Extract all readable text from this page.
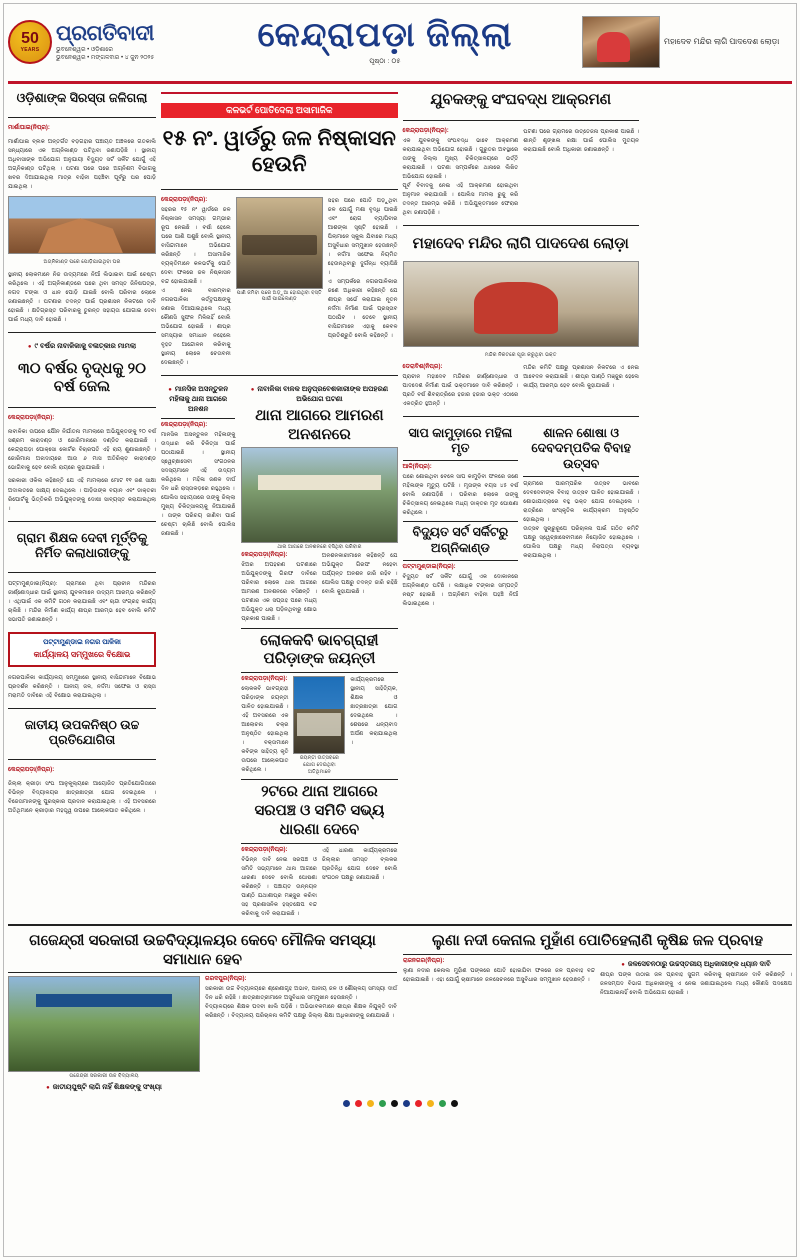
50
YEARS
ପ୍ରଗତିବାଦୀ
ଭୁବନେଶ୍ୱର • ଓଡ଼ିଶାରେ
ଭୁବନେଶ୍ୱର • ମଙ୍ଗଳବାର • ୪ ଜୁନ ୨୦୨୫
କେନ୍ଦ୍ରାପଡ଼ା ଜିଲ୍ଲା
ପୃଷ୍ଠା : ୦୫
ମହାଦେବ ମନ୍ଦିର ଲାଗି ପାଦଦେଶ ଲୋଡ଼ା
ଓଡ଼ିଶାଙ୍କ ସିରସ୍ତା ଜଳିଗଲା
ମାର୍ଶାଘାଇ(ନିପ୍ର):
ମାର୍ଶାଘାଇ ବ୍ଲକ ଅନ୍ତର୍ଗତ ବଡ଼ଗହୀର ପଞ୍ଚାୟତ ଅଞ୍ଚଳରେ ଗତକାଲି ସନ୍ଧ୍ୟାରେ ଏକ ଅଗ୍ନିକାଣ୍ଡ ଘଟିଥିବା ଜଣାପଡ଼ିଛି । ସ୍ଥାନୀୟ ଅଧିବାସୀଙ୍କ ଅଭିଯୋଗ ଅନୁଯାୟୀ ବିଦ୍ୟୁତ ସର୍ଟ ସର୍କିଟ ଯୋଗୁଁ ଏହି ଅଗ୍ନିକାଣ୍ଡ ଘଟିଥିଲା । ଘଟଣା ପରେ ପରେ ଅଗ୍ନିଶମ ବିଭାଗକୁ ଖବର ଦିଆଯାଇଥିଲା ମାତ୍ର ବାହିନୀ ପହଞ୍ଚିବା ପୂର୍ବରୁ ଘର ପୋଡ଼ି ଯାଇଥିଲା ।
ଅଗ୍ନିକାଣ୍ଡ ପରେ ପୋଡ଼ିଯାଇଥିବା ଘର
ସ୍ଥାନୀୟ ଲୋକମାନେ ନିଜ ଉଦ୍ୟମରେ ନିଆଁ ଲିଭାଇବା ପାଇଁ ଚେଷ୍ଟା କରିଥିଲେ । ଏହି ଅଗ୍ନିକାଣ୍ଡରେ ଘରେ ଥିବା ସମସ୍ତ ଜିନିଷପତ୍ର, ନଗଦ ଟଙ୍କା ଓ ଧାନ ପୋଡ଼ି ଯାଇଛି ବୋଲି ପରିବାର ଲୋକେ ଜଣାଇଛନ୍ତି । ଘଟଣାର ତଦନ୍ତ ପାଇଁ ପ୍ରଶାସନ ନିକଟରେ ଦାବି ହୋଇଛି । କ୍ଷତିଗ୍ରସ୍ତ ପରିବାରକୁ ତୁରନ୍ତ ସହାୟତା ଯୋଗାଇ ଦେବା ପାଇଁ ମଧ୍ୟ ଦାବି ହୋଇଛି ।
● ୯ ବର୍ଷର ନାବାଳିକାକୁ ବଳାତ୍କାର ମାମଲା
୩୦ ବର୍ଷର ବୃଦ୍ଧକୁ ୨୦ ବର୍ଷ ଜେଲ
କେନ୍ଦ୍ରାପଡ଼ା(ନିପ୍ର):
ନାବାଳିକା ଉପରେ ଯୌନ ନିର୍ଯାତନା ମାମଲାରେ ଅଭିଯୁକ୍ତଙ୍କୁ ୨୦ ବର୍ଷ ସଶ୍ରମ କାରାଦଣ୍ଡ ଓ ଜୋରିମାନାରେ ଦଣ୍ଡିତ କରାଯାଇଛି । କେନ୍ଦ୍ରାପଡ଼ା ପୋକ୍ସୋ କୋର୍ଟର ବିଚାରପତି ଏହି ରାୟ ଶୁଣାଇଛନ୍ତି । ଜୋରିମାନା ଅନାଦାୟରେ ଆଉ ୬ ମାସ ଅତିରିକ୍ତ କାରାଦଣ୍ଡ ଭୋଗିବାକୁ ହେବ ବୋଲି ରାୟରେ କୁହାଯାଇଛି ।
ସରକାରୀ ଓକିଲ କହିଛନ୍ତି ଯେ ଏହି ମାମଲାରେ ମୋଟ ୧୧ ଜଣ ସାକ୍ଷୀ ଅଦାଲତରେ ସାକ୍ଷ୍ୟ ଦେଇଥିଲେ । ପୀଡ଼ିତାଙ୍କ ବୟାନ ଏବଂ ଡାକ୍ତରୀ ରିପୋର୍ଟକୁ ଭିତ୍ତିକରି ଅଭିଯୁକ୍ତଙ୍କୁ ଦୋଷୀ ସାବ୍ୟସ୍ତ କରାଯାଇଥିଲା ।
ଗ୍ରାମ ଶିକ୍ଷକ ଦେବୀ ମୂର୍ତ୍ତିକୁ ନିର୍ମିତ କଲାଧାରୀଙ୍କୁ
ପଟ୍ଟାମୁଣ୍ଡାଇ(ନିପ୍ର): ଗ୍ରାମରେ ଥିବା ପ୍ରାଚୀନ ମନ୍ଦିରର ଜୀର୍ଣ୍ଣୋଦ୍ଧାର ପାଇଁ ସ୍ଥାନୀୟ ଯୁବକମାନେ ଉଦ୍ୟମ ଆରମ୍ଭ କରିଛନ୍ତି । ଏଥିପାଇଁ ଏକ କମିଟି ଗଠନ କରାଯାଇଛି ଏବଂ ଚାନ୍ଦା ସଂଗ୍ରହ କାର୍ଯ୍ୟ ଚାଲିଛି । ମନ୍ଦିର ନିର୍ମାଣ କାର୍ଯ୍ୟ ଶୀଘ୍ର ଆରମ୍ଭ ହେବ ବୋଲି କମିଟି ସଭାପତି ଜଣାଇଛନ୍ତି ।
ପଟ୍ଟାମୁଣ୍ଡାଇ ନଗର ପାଳିକା
କାର୍ଯ୍ୟାଳୟ ସମ୍ମୁଖରେ ବିକ୍ଷୋଭ
ନଗରପାଳିକା କାର୍ଯ୍ୟାଳୟ ସମ୍ମୁଖରେ ସ୍ଥାନୀୟ ବାସିନ୍ଦାମାନେ ବିକ୍ଷୋଭ ପ୍ରଦର୍ଶନ କରିଛନ୍ତି । ପାନୀୟ ଜଳ, ନର୍ଦ୍ଦମା ସଫେଇ ଓ ରାସ୍ତା ମରାମତି ଦାବିରେ ଏହି ବିକ୍ଷୋଭ କରାଯାଇଥିଲା ।
ଜାତୀୟ ଉପକନିଷ୍ଠ ଉଚ୍ଚ ପ୍ରତିଯୋଗିତା
କେନ୍ଦ୍ରାପଡ଼ା(ନିପ୍ର):
ଜିଲ୍ଲା କ୍ରୀଡ଼ା ସଂଘ ଆନୁକୂଲ୍ୟରେ ଆୟୋଜିତ ପ୍ରତିଯୋଗିତାରେ ବିଭିନ୍ନ ବିଦ୍ୟାଳୟର ଛାତ୍ରଛାତ୍ରୀ ଯୋଗ ଦେଇଥିଲେ । ବିଜେତାମାନଙ୍କୁ ପୁରସ୍କାର ପ୍ରଦାନ କରାଯାଇଥିଲା । ଏହି ଅବସରରେ ଅତିଥିମାନେ କ୍ରୀଡ଼ାର ମହତ୍ତ୍ୱ ଉପରେ ଆଲୋକପାତ କରିଥିଲେ ।
କଳଭର୍ଟ ପୋତିଦେଲା ଅସାମାଜିକ
୧୫ ନଂ. ୱାର୍ଡରୁ ଜଳ ନିଷ୍କାସନ ହେଉନି
କେନ୍ଦ୍ରାପଡ଼ା(ନିପ୍ର):
ସହରର ୧୫ ନଂ ୱାର୍ଡରେ ଜଳ ନିଷ୍କାସନ ସମସ୍ୟା ଗମ୍ଭୀର ରୂପ ନେଇଛି । ବର୍ଷା ହେଲେ ଘରେ ପାଣି ପଶୁଛି ବୋଲି ସ୍ଥାନୀୟ ବାସିନ୍ଦାମାନେ ଅଭିଯୋଗ କରିଛନ୍ତି । ଅସାମାଜିକ ବ୍ୟକ୍ତିମାନେ କଳଭର୍ଟକୁ ପୋତି ଦେବା ଫଳରେ ଜଳ ନିଷ୍କାସନ ବନ୍ଦ ହୋଇଯାଇଛି ।
ଏ ନେଇ ବାରମ୍ବାର ନଗରପାଳିକା କର୍ତ୍ତୃପକ୍ଷଙ୍କୁ ଜଣାଇ ଦିଆଯାଇଥିଲେ ମଧ୍ୟ କୌଣସି ସୁଫଳ ମିଳିନାହିଁ ବୋଲି ଅଭିଯୋଗ ହୋଇଛି । ଶୀଘ୍ର ସମସ୍ୟାର ସମାଧାନ ନହେଲେ ବୃହତ ଆନ୍ଦୋଳନ କରିବାକୁ ସ୍ଥାନୀୟ ଲୋକେ ଚେତାବନୀ ଦେଇଛନ୍ତି ।
ପାଣି ଜମିବା ପରେ ଅଡ଼ୁଆ ହୋଇଥିବା ବସ୍ତି ପାଇଁ ପାଇଲେଣ୍ଡ
ସହର ପରେ ପୋତି ପଡ଼ୁଥିବା ଜଳ ଯୋଗୁଁ ମଶା ବୃଦ୍ଧି ପାଇଛି ଏବଂ ରୋଗ ବ୍ୟାପିବାର ଆଶଙ୍କା ସୃଷ୍ଟି ହୋଇଛି । ପିଲାମାନେ ସ୍କୁଲ ଯିବାରେ ମଧ୍ୟ ଅସୁବିଧାର ସମ୍ମୁଖୀନ ହେଉଛନ୍ତି । ନର୍ଦ୍ଦମା ସଫେଇ ନିୟମିତ ହେଉନଥିବାରୁ ଦୁର୍ଗନ୍ଧ ବ୍ୟାପିଛି ।
ଏ ସମ୍ପର୍କରେ ନଗରପାଳିକାର ଜଣେ ଅଧିକାରୀ କହିଛନ୍ତି ଯେ ଶୀଘ୍ର ସର୍ଭେ କରାଯାଇ ନୂତନ ନର୍ଦ୍ଦମା ନିର୍ମାଣ ପାଇଁ ପ୍ରସ୍ତାବ ପଠାଯିବ । ତେବେ ସ୍ଥାନୀୟ ବାସିନ୍ଦାମାନେ ଏହାକୁ କେବଳ ପ୍ରତିଶ୍ରୁତି ବୋଲି କହିଛନ୍ତି ।
● ମାନସିକ ଅସନ୍ତୁଳନ ମହିଳାକୁ ଥାନା ଆଗରେ ଅନଶନ
କେନ୍ଦ୍ରାପଡ଼ା(ନିପ୍ର):
ମାନସିକ ଅସନ୍ତୁଳନ ମହିଳାଙ୍କୁ ଉଦ୍ଧାର କରି ଚିକିତ୍ସା ପାଇଁ ପଠାଯାଇଛି । ସ୍ଥାନୀୟ ସ୍ୱେଚ୍ଛାସେବୀ ସଂଗଠନର ସଦସ୍ୟମାନେ ଏହି ଉଦ୍ୟମ କରିଥିଲେ । ମହିଳା ଜଣକ ଦୀର୍ଘ ଦିନ ଧରି ରାସ୍ତାକଡ଼ରେ ରହୁଥିଲେ ।
ପୋଲିସ ସହାୟତାରେ ତାଙ୍କୁ ଜିଲ୍ଲା ମୁଖ୍ୟ ଚିକିତ୍ସାଳୟକୁ ନିଆଯାଇଛି । ତାଙ୍କ ପରିଚୟ ଜାଣିବା ପାଇଁ ଚେଷ୍ଟା ଚାଲିଛି ବୋଲି ପୋଲିସ ଜଣାଇଛି ।
● ନାବାଳିକା ବାଳକ ଅନୁପ୍ରବେଶକାରୀଙ୍କ ଅପହରଣ ଅଭିଯୋଗ ଘଟଣା
ଥାନା ଆଗରେ ଆମରଣ ଅନଶନରେ
ଥାନା ଆଗରେ ଅନଶନରେ ବସିଥିବା ପରିବାର
କେନ୍ଦ୍ରାପଡ଼ା(ନିପ୍ର):
ଝିଅର ଅପହରଣ ଘଟଣାରେ ଅଭିଯୁକ୍ତଙ୍କୁ ଗିରଫ ଦାବିରେ ପରିବାର ଲୋକେ ଥାନା ଆଗରେ ଆମରଣ ଅନଶନରେ ବସିଛନ୍ତି । ଘଟଣାର ଏକ ସପ୍ତାହ ପରେ ମଧ୍ୟ ଅଭିଯୁକ୍ତ ଧରା ପଡ଼ିନଥିବାରୁ କ୍ଷୋଭ ପ୍ରକାଶ ପାଇଛି ।
ଅନଶନକାରୀମାନେ କହିଛନ୍ତି ଯେ ଅଭିଯୁକ୍ତ ଗିରଫ ନହେବା ପର୍ଯ୍ୟନ୍ତ ଅନଶନ ଜାରି ରହିବ । ପୋଲିସ ପକ୍ଷରୁ ତଦନ୍ତ ଜାରି ରହିଛି ବୋଲି କୁହାଯାଇଛି ।
ଲୋକକବି ଭାବଗ୍ରାହୀ ପରିଡ଼ାଙ୍କ ଜୟନ୍ତୀ
କେନ୍ଦ୍ରାପଡ଼ା(ନିପ୍ର):
ଲୋକକବି ଭାବଗ୍ରାହୀ ପରିଡ଼ାଙ୍କ ଜୟନ୍ତୀ ପାଳିତ ହୋଇଯାଇଛି । ଏହି ଅବସରରେ ଏକ ଆଲୋଚନା ଚକ୍ର ଅନୁଷ୍ଠିତ ହୋଇଥିଲା । ବକ୍ତାମାନେ କବିଙ୍କ ସାହିତ୍ୟ କୃତି ଉପରେ ଆଲୋକପାତ କରିଥିଲେ ।
ଜୟନ୍ତୀ ଉତ୍ସବରେ ଯୋଗ ଦେଇଥିବା ଅତିଥିମାନେ
କାର୍ଯ୍ୟକ୍ରମରେ ସ୍ଥାନୀୟ ସାହିତ୍ୟିକ, ଶିକ୍ଷକ ଓ ଛାତ୍ରଛାତ୍ରୀ ଯୋଗ ଦେଇଥିଲେ । ଶେଷରେ ଧନ୍ୟବାଦ ଅର୍ପଣ କରାଯାଇଥିଲା ।
୨ଟରେ ଥାନା ଆଗରେ ସରପଞ୍ଚ ଓ ସମିତି ସଭ୍ୟ ଧାରଣା ଦେବେ
କେନ୍ଦ୍ରାପଡ଼ା(ନିପ୍ର):
ବିଭିନ୍ନ ଦାବି ନେଇ ସରପଞ୍ଚ ଓ ସମିତି ସଭ୍ୟମାନେ ଥାନା ଆଗରେ ଧାରଣା ଦେବେ ବୋଲି ଘୋଷଣା କରିଛନ୍ତି । ପଞ୍ଚାୟତ ଉନ୍ନୟନ ପାଣ୍ଠି ଯଥାଶୀଘ୍ର ମଞ୍ଜୁର କରିବା ସହ ପ୍ରଶାସନିକ ହସ୍ତକ୍ଷେପ ବନ୍ଦ କରିବାକୁ ଦାବି କରାଯାଇଛି ।
ଏହି ଧାରଣା କାର୍ଯ୍ୟକ୍ରମରେ ଜିଲ୍ଲାର ସମସ୍ତ ବ୍ଲକର ପ୍ରତିନିଧି ଯୋଗ ଦେବେ ବୋଲି ସଂଗଠନ ପକ୍ଷରୁ ଜଣାଯାଇଛି ।
ଯୁବକଙ୍କୁ ସଂଘବଦ୍ଧ ଆକ୍ରମଣ
କେନ୍ଦ୍ରାପଡ଼ା(ନିପ୍ର):
ଏକ ଯୁବକଙ୍କୁ ସଂଘବଦ୍ଧ ଭାବେ ଆକ୍ରମଣ କରାଯାଇଥିବା ଅଭିଯୋଗ ହୋଇଛି । ଗୁରୁତର ଅବସ୍ଥାରେ ତାଙ୍କୁ ଜିଲ୍ଲା ମୁଖ୍ୟ ଚିକିତ୍ସାଳୟରେ ଭର୍ତ୍ତି କରାଯାଇଛି । ଘଟଣା ସମ୍ପର୍କରେ ଥାନାରେ ଲିଖିତ ଅଭିଯୋଗ ହୋଇଛି ।
ପୂର୍ବ ବିବାଦକୁ ନେଇ ଏହି ଆକ୍ରମଣ ହୋଇଥିବା ଅନୁମାନ କରାଯାଉଛି । ପୋଲିସ ମାମଲା ରୁଜୁ କରି ତଦନ୍ତ ଆରମ୍ଭ କରିଛି । ଅଭିଯୁକ୍ତମାନେ ଫେରାର ଥିବା ଜଣାପଡ଼ିଛି ।
ଘଟଣା ପରେ ଗ୍ରାମରେ ଉତ୍ତେଜନା ପ୍ରକାଶ ପାଇଛି । ଶାନ୍ତି ଶୃଙ୍ଖଳା ରକ୍ଷା ପାଇଁ ପୋଲିସ ମୁତୟନ କରାଯାଇଛି ବୋଲି ଅଧିକାରୀ ଜଣାଇଛନ୍ତି ।
ମହାଦେବ ମନ୍ଦିର ଲାଗି ପାଦଦେଶ ଲୋଡ଼ା
ମନ୍ଦିର ନିକଟରେ ପୂଜା କରୁଥିବା ଭକ୍ତ
ଡେରାବିଶ(ନିପ୍ର):
ପ୍ରାଚୀନ ମହାଦେବ ମନ୍ଦିରର ଜୀର୍ଣ୍ଣୋଦ୍ଧାର ଓ ପାଦଦେଶ ନିର୍ମାଣ ପାଇଁ ଭକ୍ତମାନେ ଦାବି କରିଛନ୍ତି । ପ୍ରତି ବର୍ଷ ଶିବରାତ୍ରିରେ ହଜାର ହଜାର ଭକ୍ତ ଏଠାରେ ଏକତ୍ରିତ ହୁଅନ୍ତି ।
ମନ୍ଦିର କମିଟି ପକ୍ଷରୁ ପ୍ରଶାସନ ନିକଟରେ ଏ ନେଇ ଆବେଦନ କରାଯାଇଛି । ଶୀଘ୍ର ପାଣ୍ଠି ମଞ୍ଜୁର ହେଲେ କାର୍ଯ୍ୟ ଆରମ୍ଭ ହେବ ବୋଲି କୁହାଯାଇଛି ।
ସାପ କାମୁଡ଼ାରେ ମହିଳା ମୃତ
ଆଳି(ନିପ୍ର):
ଘରେ ଶୋଇଥିବା ବେଳେ ସାପ କାମୁଡ଼ିବା ଫଳରେ ଜଣେ ମହିଳାଙ୍କ ମୃତ୍ୟୁ ଘଟିଛି । ମୃତାଙ୍କ ବୟସ ୪୫ ବର୍ଷ ବୋଲି ଜଣାପଡ଼ିଛି । ପରିବାର ଲୋକେ ତାଙ୍କୁ ଚିକିତ୍ସାଳୟ ନେଇଥିଲେ ମଧ୍ୟ ଡାକ୍ତର ମୃତ ଘୋଷଣା କରିଥିଲେ ।
ବିଦ୍ୟୁତ ସର୍ଟ ସର୍କିଟରୁ ଅଗ୍ନିକାଣ୍ଡ
ପଟ୍ଟାମୁଣ୍ଡାଇ(ନିପ୍ର):
ବିଦ୍ୟୁତ ସର୍ଟ ସର୍କିଟ ଯୋଗୁଁ ଏକ ଦୋକାନରେ ଅଗ୍ନିକାଣ୍ଡ ଘଟିଛି । ଲକ୍ଷାଧିକ ଟଙ୍କାର ସମ୍ପତ୍ତି ନଷ୍ଟ ହୋଇଛି । ଅଗ୍ନିଶମ ବାହିନୀ ପହଞ୍ଚି ନିଆଁ ଲିଭାଇଥିଲେ ।
ଶାଳନ ଶୋଷା ଓ ଦେବଦମ୍ପତିକ ବିବାହ ଉତ୍ସବ
ଗ୍ରାମରେ ପାରମ୍ପରିକ ଉତ୍ସବ ଭାବରେ ଦେବଦେବୀଙ୍କ ବିବାହ ଉତ୍ସବ ପାଳିତ ହୋଇଯାଇଛି । ଶୋଭାଯାତ୍ରାରେ ବହୁ ଭକ୍ତ ଯୋଗ ଦେଇଥିଲେ । ରାତ୍ରିରେ ସାଂସ୍କୃତିକ କାର୍ଯ୍ୟକ୍ରମ ଅନୁଷ୍ଠିତ ହୋଇଥିଲା ।
ଉତ୍ସବ ସୁଚାରୁରୂପେ ପରିଚାଳନା ପାଇଁ ଗଠିତ କମିଟି ପକ୍ଷରୁ ସ୍ୱେଚ୍ଛାସେବୀମାନେ ନିୟୋଜିତ ହୋଇଥିଲେ । ପୋଲିସ ପକ୍ଷରୁ ମଧ୍ୟ ନିରାପତ୍ତା ବ୍ୟବସ୍ଥା କରାଯାଇଥିଲା ।
ଗଜେନ୍ଦ୍ରୀ ସରକାରୀ ଉଚ୍ଚବିଦ୍ୟାଳୟର କେବେ ମୌଳିକ ସମସ୍ୟା ସମାଧାନ ହେବ
ଗଜେନ୍ଦ୍ରୀ ସରକାରୀ ଉଚ୍ଚ ବିଦ୍ୟାଳୟ
● ଜାତୀୟପୁଷ୍ଟି ଲାଗି ନାହିଁ ଶିକ୍ଷକଙ୍କୁ ସଂଖ୍ୟା
ଗରଦପୁର(ନିପ୍ର):
ସରକାରୀ ଉଚ୍ଚ ବିଦ୍ୟାଳୟରେ ଶ୍ରେଣୀଗୃହ ଅଭାବ, ପାନୀୟ ଜଳ ଓ ଶୌଚାଳୟ ସମସ୍ୟା ଦୀର୍ଘ ଦିନ ଧରି ରହିଛି । ଛାତ୍ରଛାତ୍ରୀମାନେ ଅସୁବିଧାର ସମ୍ମୁଖୀନ ହେଉଛନ୍ତି ।
ବିଦ୍ୟାଳୟରେ ଶିକ୍ଷକ ପଦବୀ ଖାଲି ପଡ଼ିଛି । ଅଭିଭାବକମାନେ ଶୀଘ୍ର ଶିକ୍ଷକ ନିଯୁକ୍ତି ଦାବି କରିଛନ୍ତି । ବିଦ୍ୟାଳୟ ପରିଚାଳନା କମିଟି ପକ୍ଷରୁ ଜିଲ୍ଲା ଶିକ୍ଷା ଅଧିକାରୀଙ୍କୁ ଜଣାଯାଇଛି ।
ଲୁଣା ନଦୀ କେନାଲ ମୁହାଁଣ ପୋତିହେଲାଣି କୃଷିଛ ଜଳ ପ୍ରବାହ
ରାଜନଗର(ନିପ୍ର):
ଲୁଣା ନଦୀର କେନାଲ ମୁହାଁଣ ପଙ୍କରେ ପୋତି ହୋଇଯିବା ଫଳରେ ଜଳ ପ୍ରବାହ ବନ୍ଦ ହୋଇଯାଇଛି । ଏହା ଯୋଗୁଁ ଚାଷୀମାନେ ଜଳସେଚନରେ ଅସୁବିଧାର ସମ୍ମୁଖୀନ ହେଉଛନ୍ତି ।
● ଜଳସେଚନଠାରୁ ଉଚ୍ଚସ୍ତରୀୟ ଅଧିକାରୀଙ୍କ ଧ୍ୟାନ ଦାବି
ଶୀଘ୍ର ପଙ୍କ ଉଠାଇ ଜଳ ପ୍ରବାହ ସୁଗମ କରିବାକୁ ଚାଷୀମାନେ ଦାବି କରିଛନ୍ତି । ଜଳସମ୍ପଦ ବିଭାଗ ଅଧିକାରୀଙ୍କୁ ଏ ନେଇ ଜଣାଯାଇଥିଲେ ମଧ୍ୟ କୌଣସି ପଦକ୍ଷେପ ନିଆଯାଇନାହିଁ ବୋଲି ଅଭିଯୋଗ ହୋଇଛି ।
